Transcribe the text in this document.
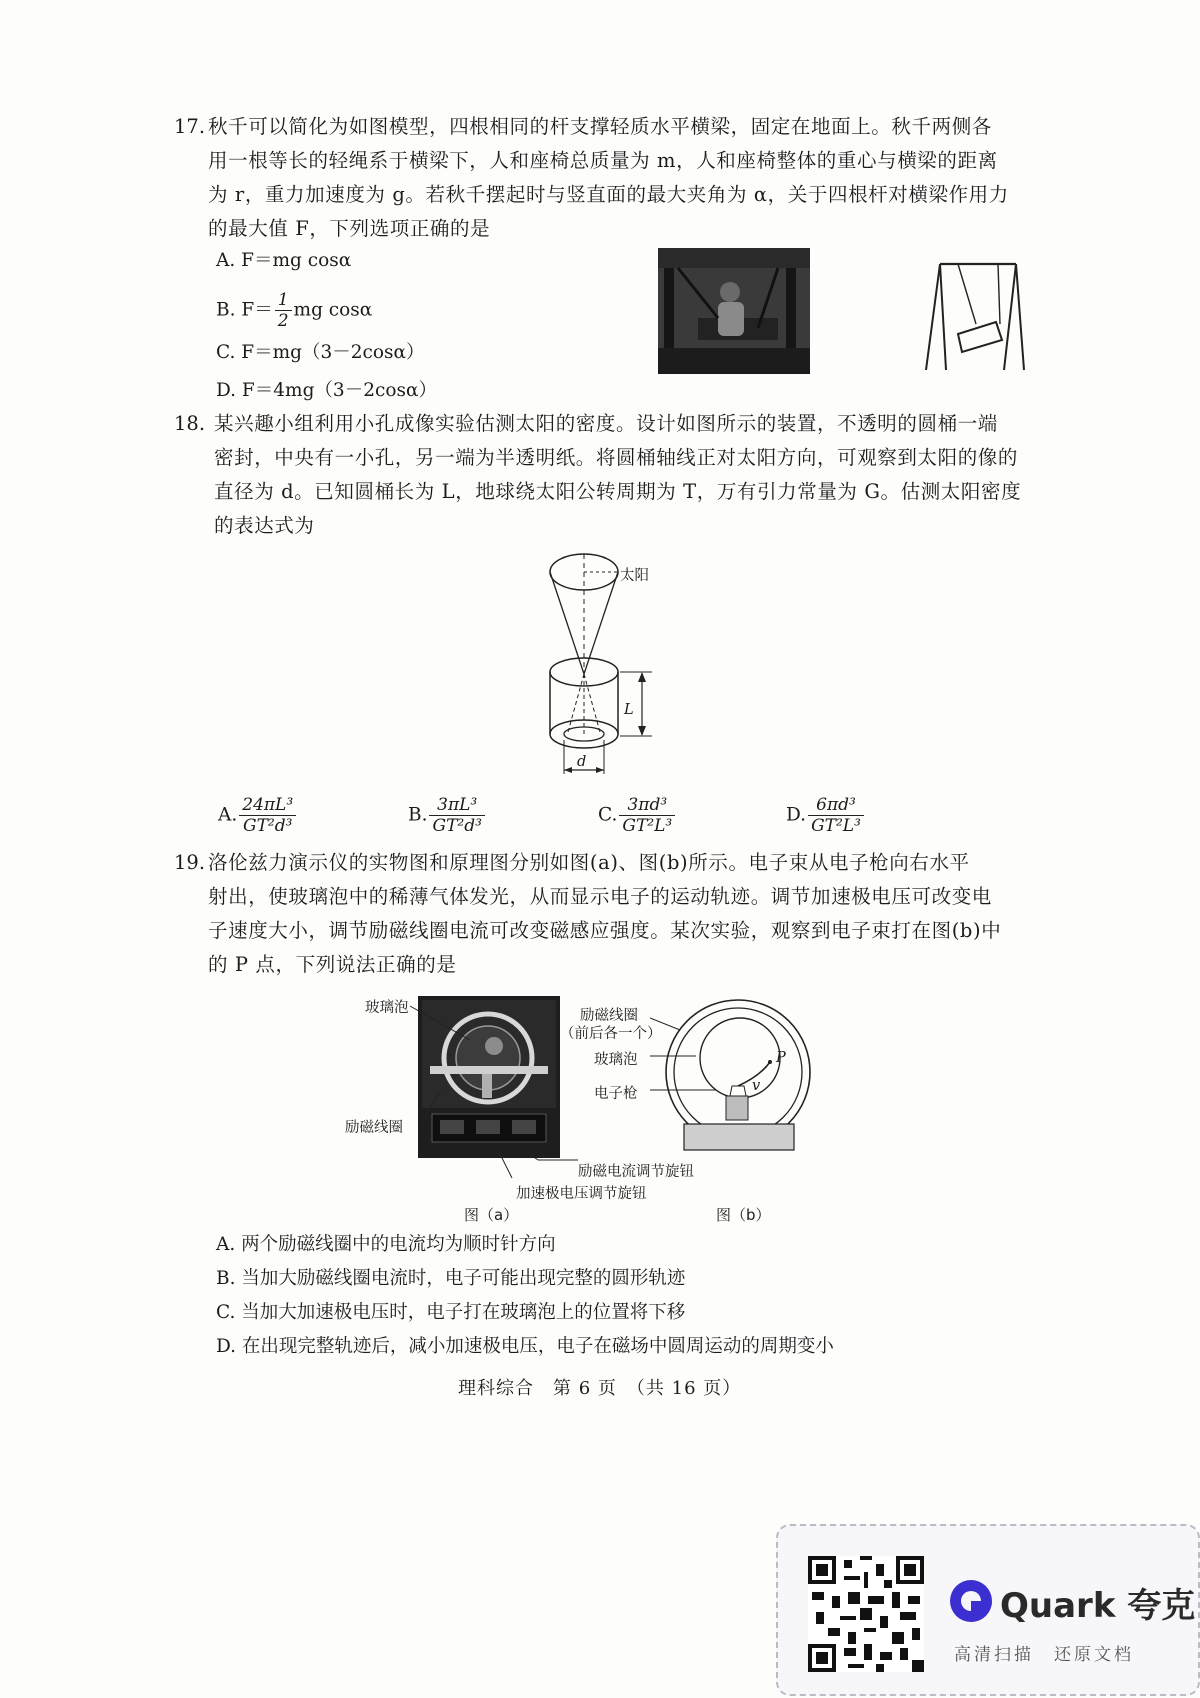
17. 秋千可以简化为如图模型，四根相同的杆支撑轻质水平横梁，固定在地面上。秋千两侧各
用一根等长的轻绳系于横梁下，人和座椅总质量为 m，人和座椅整体的重心与横梁的距离
为 r，重力加速度为 g。若秋千摆起时与竖直面的最大夹角为 α，关于四根杆对横梁作用力
的最大值 F，下列选项正确的是
A. F＝mg cosα
B. $F= \frac{1}{2}$ mg cosα
C. F＝mg（3－2cosα）
D. F＝4mg（3－2cosα）
18. 某兴趣小组利用小孔成像实验估测太阳的密度。设计如图所示的装置，不透明的圆桶一端
密封，中央有一小孔，另一端为半透明纸。将圆桶轴线正对太阳方向，可观察到太阳的像的
直径为 d。已知圆桶长为 L，地球绕太阳公转周期为 T，万有引力常量为 G。估测太阳密度
的表达式为
太阳
L
d
A. $\frac{\text{24πL³}}{\text{GT²d³}}$	B. $\frac{\text{3πL³}}{\text{GT²d³}}$	C. $\frac{\text{3πd³}}{\text{GT²L³}}$	D. $\frac{\text{6πd³}}{\text{GT²L³}}$
19. 洛伦兹力演示仪的实物图和原理图分别如图(a)、图(b)所示。电子束从电子枪向右水平
射出，使玻璃泡中的稀薄气体发光，从而显示电子的运动轨迹。调节加速极电压可改变电
子速度大小，调节励磁线圈电流可改变磁感应强度。某次实验，观察到电子束打在图(b)中
的 P 点，下列说法正确的是
玻璃泡
励磁线圈
励磁电流调节旋钮
加速极电压调节旋钮
图（a）
励磁线圈
（前后各一个）
玻璃泡
电子枪
P
v
图（b）
A. 两个励磁线圈中的电流均为顺时针方向
B. 当加大励磁线圈电流时，电子可能出现完整的圆形轨迹
C. 当加大加速极电压时，电子打在玻璃泡上的位置将下移
D. 在出现完整轨迹后，减小加速极电压，电子在磁场中圆周运动的周期变小
理科综合　第 6 页　（共 16 页）
Quark 夸克
高清扫描　还原文档
